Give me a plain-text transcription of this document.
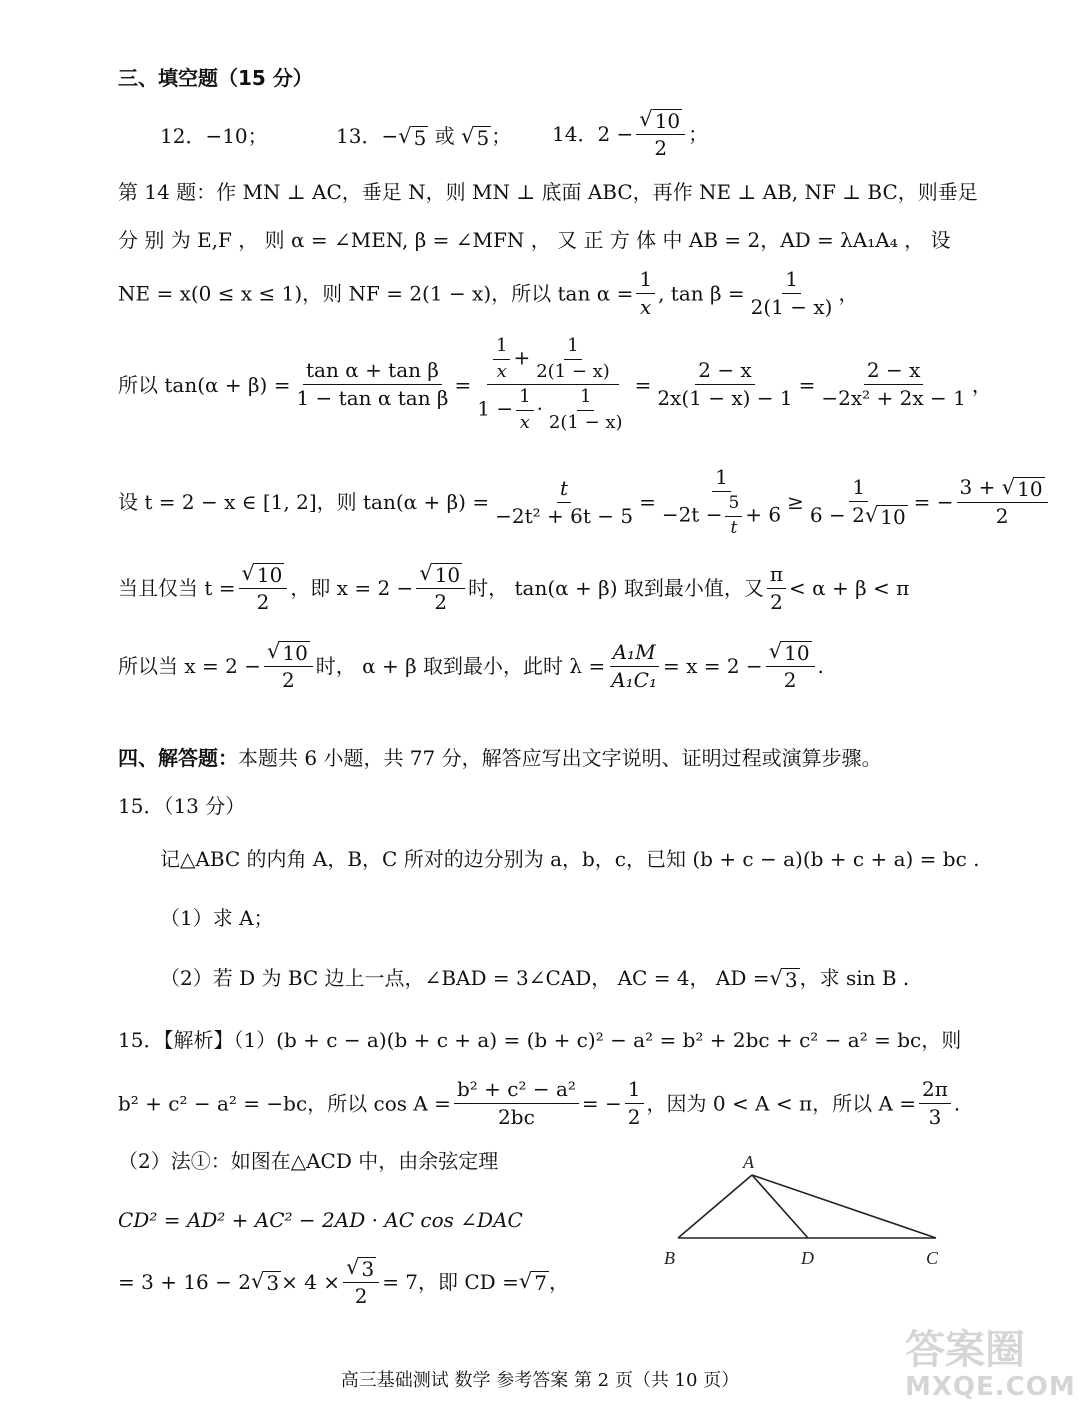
三、填空题（15 分）
12．−10；	13．− √ 5 或 √ 5 ； 14．$2 - \frac{√ 10}{2}$ ；
第 14 题：作 MN ⊥ AC，垂足 N，则 MN ⊥ 底面 ABC，再作 NE ⊥ AB, NF ⊥ BC，则垂足
分 别 为 E,F ， 则 α = ∠MEN, β = ∠MFN ， 又 正 方 体 中 AB = 2，AD = λA₁A₄ ， 设
NE = x(0 ≤ x ≤ 1)，则 NF = 2(1 − x)，所以 $\tan \alpha = \frac{1}{x}$ , $\tan \beta = \frac{1}{2(1 - x)}$ ，
所以 $\tan(\alpha + \beta) = \frac{\text{tan α + tan β}}{\text{1 − tan α tan β}} = \frac{\frac{1}{x} + \frac{1}{2(1 - x)}}{1 - \frac{1}{x} \cdot \frac{1}{2(1 - x)}} = \frac{2 - x}{2x(1 - x) - 1} = \frac{2 - x}{\text{−2x² + 2x − 1}}$ ，
设 t = 2 − x ∈ [1, 2]，则 $\tan(\alpha + \beta) = \frac{t}{\text{−2t² + 6t − 5}} = \frac{1}{-2t - \frac{5}{t} + 6} \ge \frac{1}{6 - 2 √ 10}$ = − $\frac{3 + √ 10}{2}$
当且仅当 $t = \frac{√ 10}{2}$ ，即 $x = 2 - \frac{√ 10}{2}$ 时， tan(α + β) 取到最小值，又 $\frac{\pi}{2} < \alpha + \beta < \pi$
所以当 $x = 2 - \frac{√ 10}{2}$ 时， α + β 取到最小，此时 $\lambda = \frac{\text{A₁M}}{\text{A₁C₁}} = x = 2 - \frac{√ 10}{2}$ .
四、解答题：本题共 6 小题，共 77 分，解答应写出文字说明、证明过程或演算步骤。
15．（13 分）
记△ABC 的内角 A，B，C 所对的边分别为 a，b，c，已知 (b + c − a)(b + c + a) = bc .
（1）求 A；
（2）若 D 为 BC 边上一点，∠BAD = 3∠CAD， AC = 4， AD = √ 3 ，求 sin B .
15．【解析】（1）(b + c − a)(b + c + a) = (b + c)² − a² = b² + 2bc + c² − a² = bc，则
b² + c² − a² = −bc，所以 $\cos A = \frac{\text{b² + c² − a²}}{2bc}$ = − $\frac{1}{2}$ ，因为 0 < A < π，所以 $A = \frac{2\pi}{3}$ .
（2）法①：如图在△ACD 中，由余弦定理
CD² = AD² + AC² − 2AD · AC cos ∠DAC
= 3 + 16 − 2 √ $3 \times 4 \times \frac{√ 3}{2} = 7$，即 CD = √ 7 ，
A
B	D	C
高三基础测试 数学 参考答案 第 2 页（共 10 页）
答案圈
MXQE.COM
